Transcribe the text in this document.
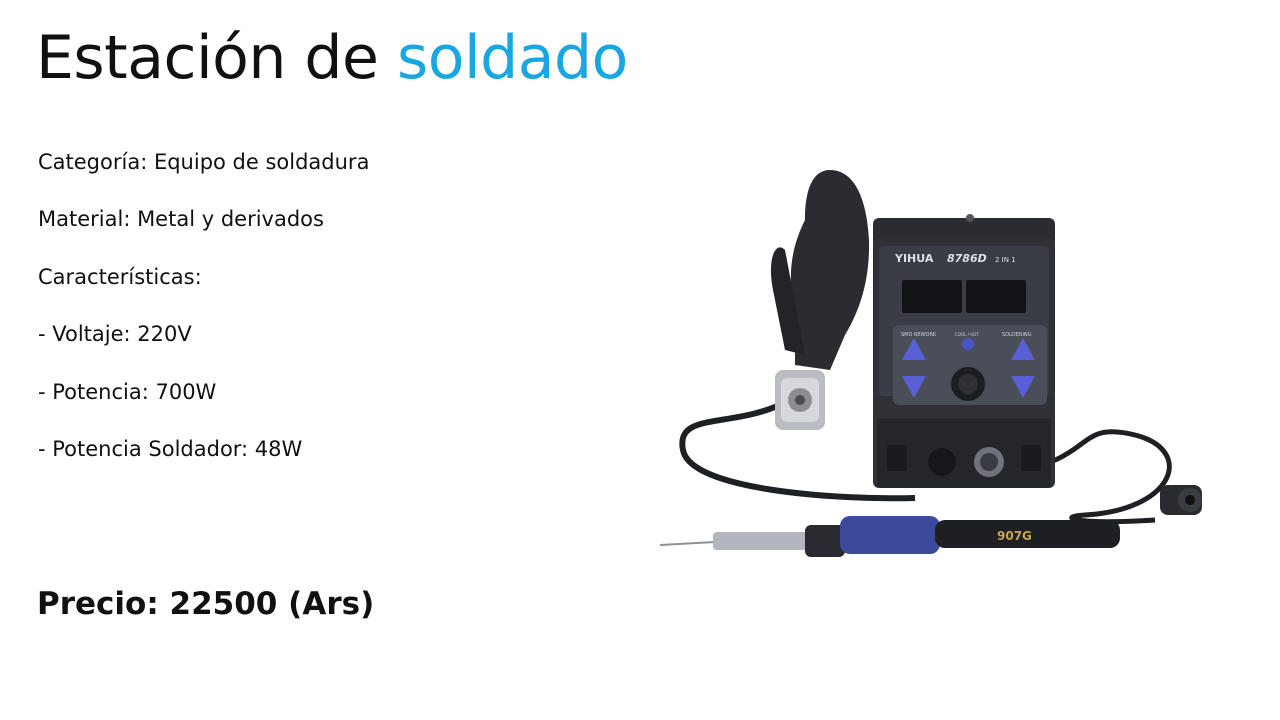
Estación de soldado
Categoría: Equipo de soldadura
Material: Metal y derivados
Características:
- Voltaje: 220V
- Potencia: 700W
- Potencia Soldador: 48W
Precio: 22500 (Ars)
YIHUA 8786D 2 IN 1
SMD REWORK	SOLDERING
COOL / HOT
907G
